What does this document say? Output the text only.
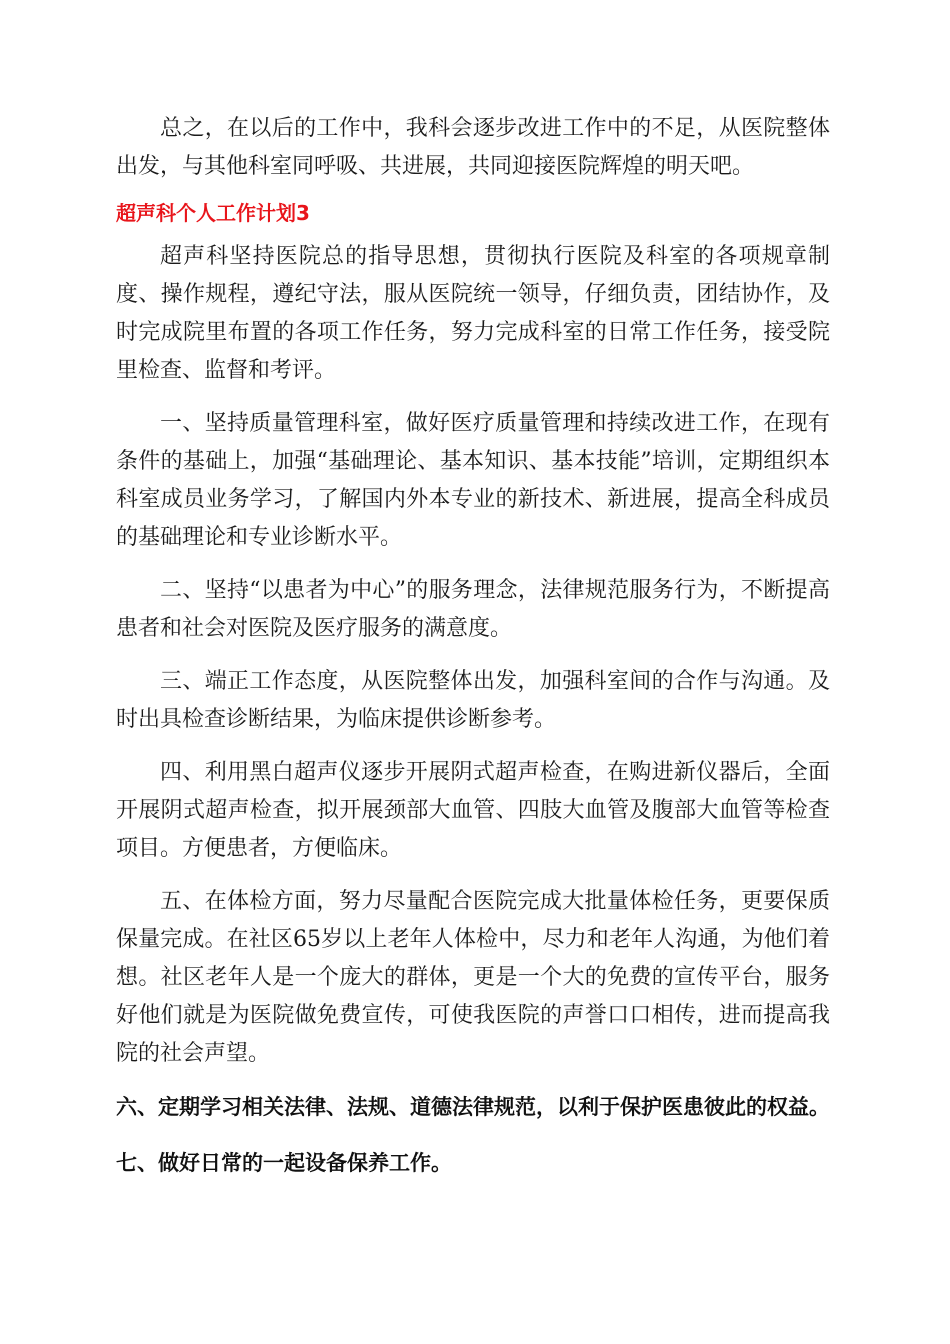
总之，在以后的工作中，我科会逐步改进工作中的不足，从医院整体出发，与其他科室同呼吸、共进展，共同迎接医院辉煌的明天吧。

超声科个人工作计划3

超声科坚持医院总的指导思想，贯彻执行医院及科室的各项规章制度、操作规程，遵纪守法，服从医院统一领导，仔细负责，团结协作，及时完成院里布置的各项工作任务，努力完成科室的日常工作任务，接受院里检查、监督和考评。

一、坚持质量管理科室，做好医疗质量管理和持续改进工作，在现有条件的基础上，加强“基础理论、基本知识、基本技能”培训，定期组织本科室成员业务学习，了解国内外本专业的新技术、新进展，提高全科成员的基础理论和专业诊断水平。

二、坚持“以患者为中心”的服务理念，法律规范服务行为，不断提高患者和社会对医院及医疗服务的满意度。

三、端正工作态度，从医院整体出发，加强科室间的合作与沟通。及时出具检查诊断结果，为临床提供诊断参考。

四、利用黑白超声仪逐步开展阴式超声检查，在购进新仪器后，全面开展阴式超声检查，拟开展颈部大血管、四肢大血管及腹部大血管等检查项目。方便患者，方便临床。

五、在体检方面，努力尽量配合医院完成大批量体检任务，更要保质保量完成。在社区65岁以上老年人体检中，尽力和老年人沟通，为他们着想。社区老年人是一个庞大的群体，更是一个大的免费的宣传平台，服务好他们就是为医院做免费宣传，可使我医院的声誉口口相传，进而提高我院的社会声望。

六、定期学习相关法律、法规、道德法律规范，以利于保护医患彼此的权益。
七、做好日常的一起设备保养工作。
